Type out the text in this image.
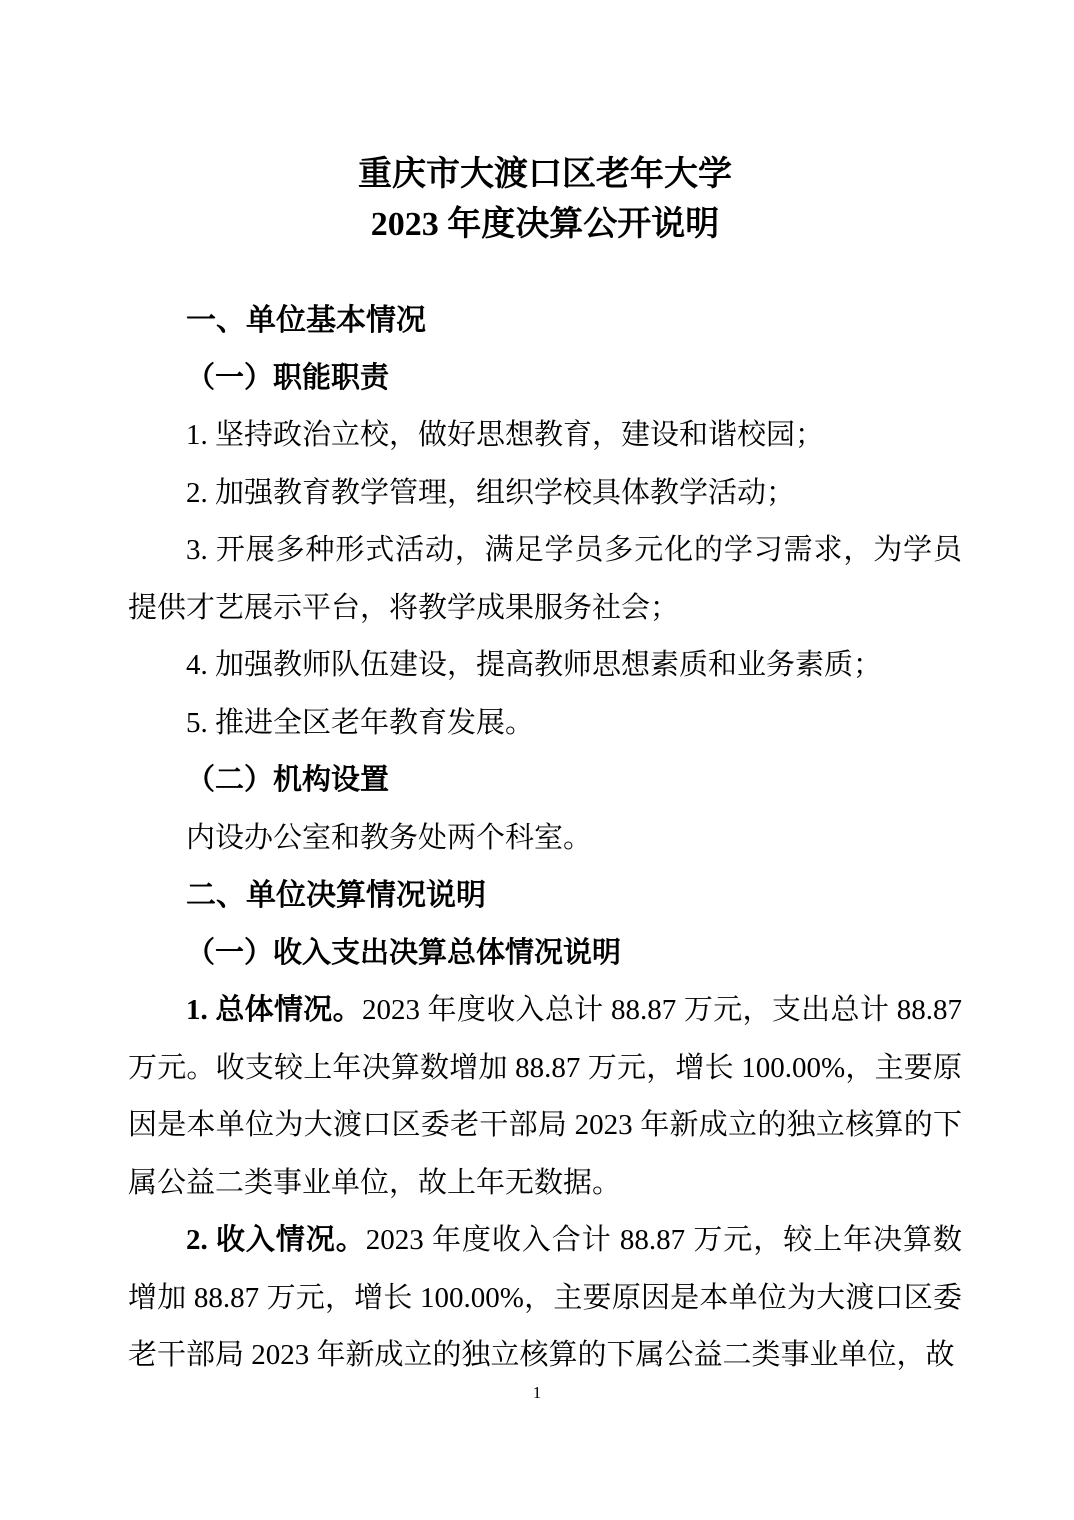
重庆市大渡口区老年大学
2023 年度决算公开说明
一、单位基本情况
（一）职能职责

1. 坚持政治立校，做好思想教育，建设和谐校园；

2. 加强教育教学管理，组织学校具体教学活动；

3. 开展多种形式活动，满足学员多元化的学习需求，为学员提供才艺展示平台，将教学成果服务社会；

4. 加强教师队伍建设，提高教师思想素质和业务素质；

5. 推进全区老年教育发展。

（二）机构设置

内设办公室和教务处两个科室。

二、单位决算情况说明
（一）收入支出决算总体情况说明

1. 总体情况。2023 年度收入总计 88.87 万元，支出总计 88.87 万元。收支较上年决算数增加 88.87 万元，增长 100.00%，主要原因是本单位为大渡口区委老干部局 2023 年新成立的独立核算的下属公益二类事业单位，故上年无数据。

2. 收入情况。2023 年度收入合计 88.87 万元，较上年决算数增加 88.87 万元，增长 100.00%，主要原因是本单位为大渡口区委老干部局 2023 年新成立的独立核算的下属公益二类事业单位，故

1
